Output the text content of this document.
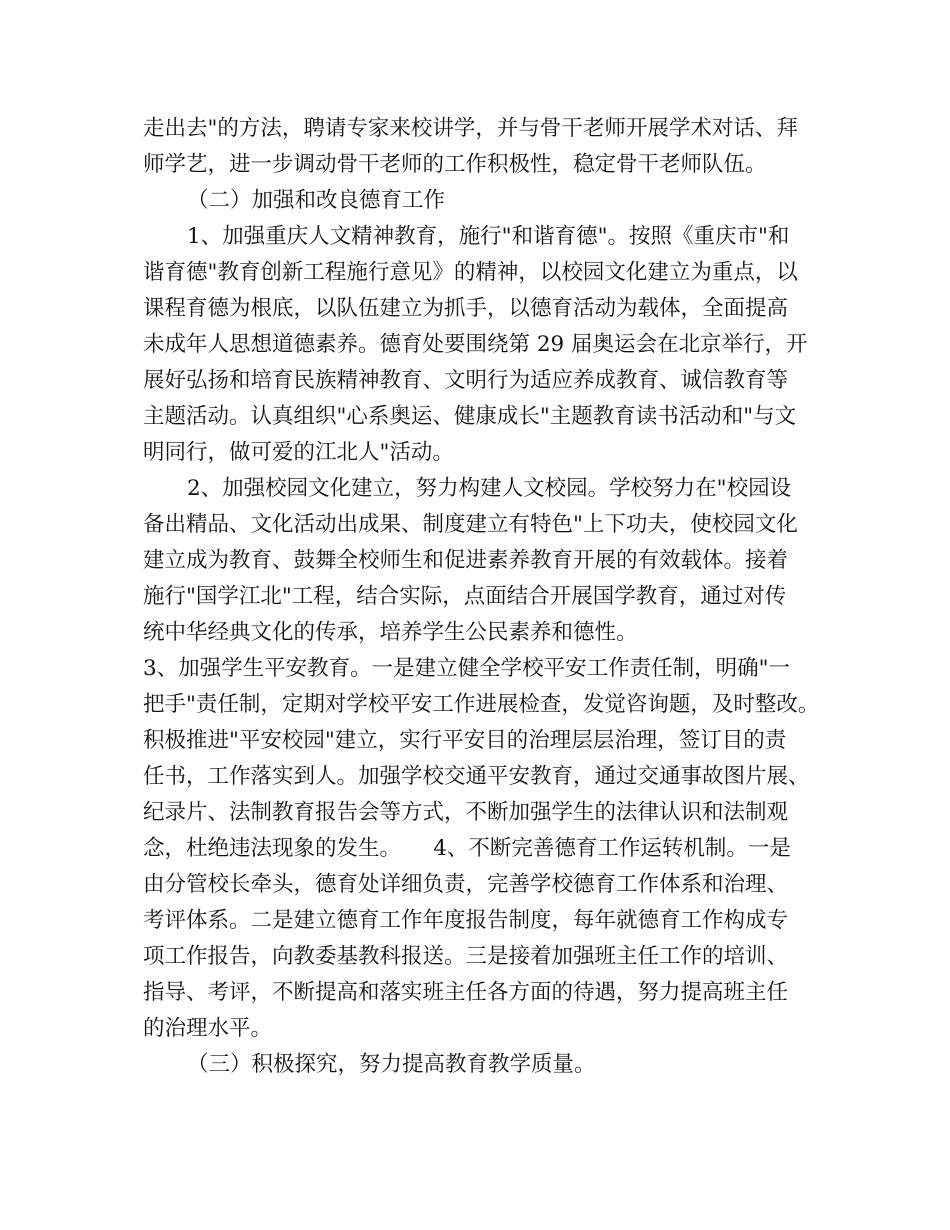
走出去"的方法，聘请专家来校讲学，并与骨干老师开展学术对话、拜
师学艺，进一步调动骨干老师的工作积极性，稳定骨干老师队伍。
（二）加强和改良德育工作
1、加强重庆人文精神教育，施行"和谐育德"。按照《重庆市"和
谐育德"教育创新工程施行意见》的精神，以校园文化建立为重点，以
课程育德为根底，以队伍建立为抓手，以德育活动为载体，全面提高
未成年人思想道德素养。德育处要围绕第 29 届奥运会在北京举行，开
展好弘扬和培育民族精神教育、文明行为适应养成教育、诚信教育等
主题活动。认真组织"心系奥运、健康成长"主题教育读书活动和"与文
明同行，做可爱的江北人"活动。
2、加强校园文化建立，努力构建人文校园。学校努力在"校园设
备出精品、文化活动出成果、制度建立有特色"上下功夫，使校园文化
建立成为教育、鼓舞全校师生和促进素养教育开展的有效载体。接着
施行"国学江北"工程，结合实际，点面结合开展国学教育，通过对传
统中华经典文化的传承，培养学生公民素养和德性。
3、加强学生平安教育。一是建立健全学校平安工作责任制，明确"一
把手"责任制，定期对学校平安工作进展检查，发觉咨询题，及时整改。
积极推进"平安校园"建立，实行平安目的治理层层治理，签订目的责
任书，工作落实到人。加强学校交通平安教育，通过交通事故图片展、
纪录片、法制教育报告会等方式，不断加强学生的法律认识和法制观
念，杜绝违法现象的发生。　　4、不断完善德育工作运转机制。一是
由分管校长牵头，德育处详细负责，完善学校德育工作体系和治理、
考评体系。二是建立德育工作年度报告制度，每年就德育工作构成专
项工作报告，向教委基教科报送。三是接着加强班主任工作的培训、
指导、考评，不断提高和落实班主任各方面的待遇，努力提高班主任
的治理水平。
（三）积极探究，努力提高教育教学质量。
